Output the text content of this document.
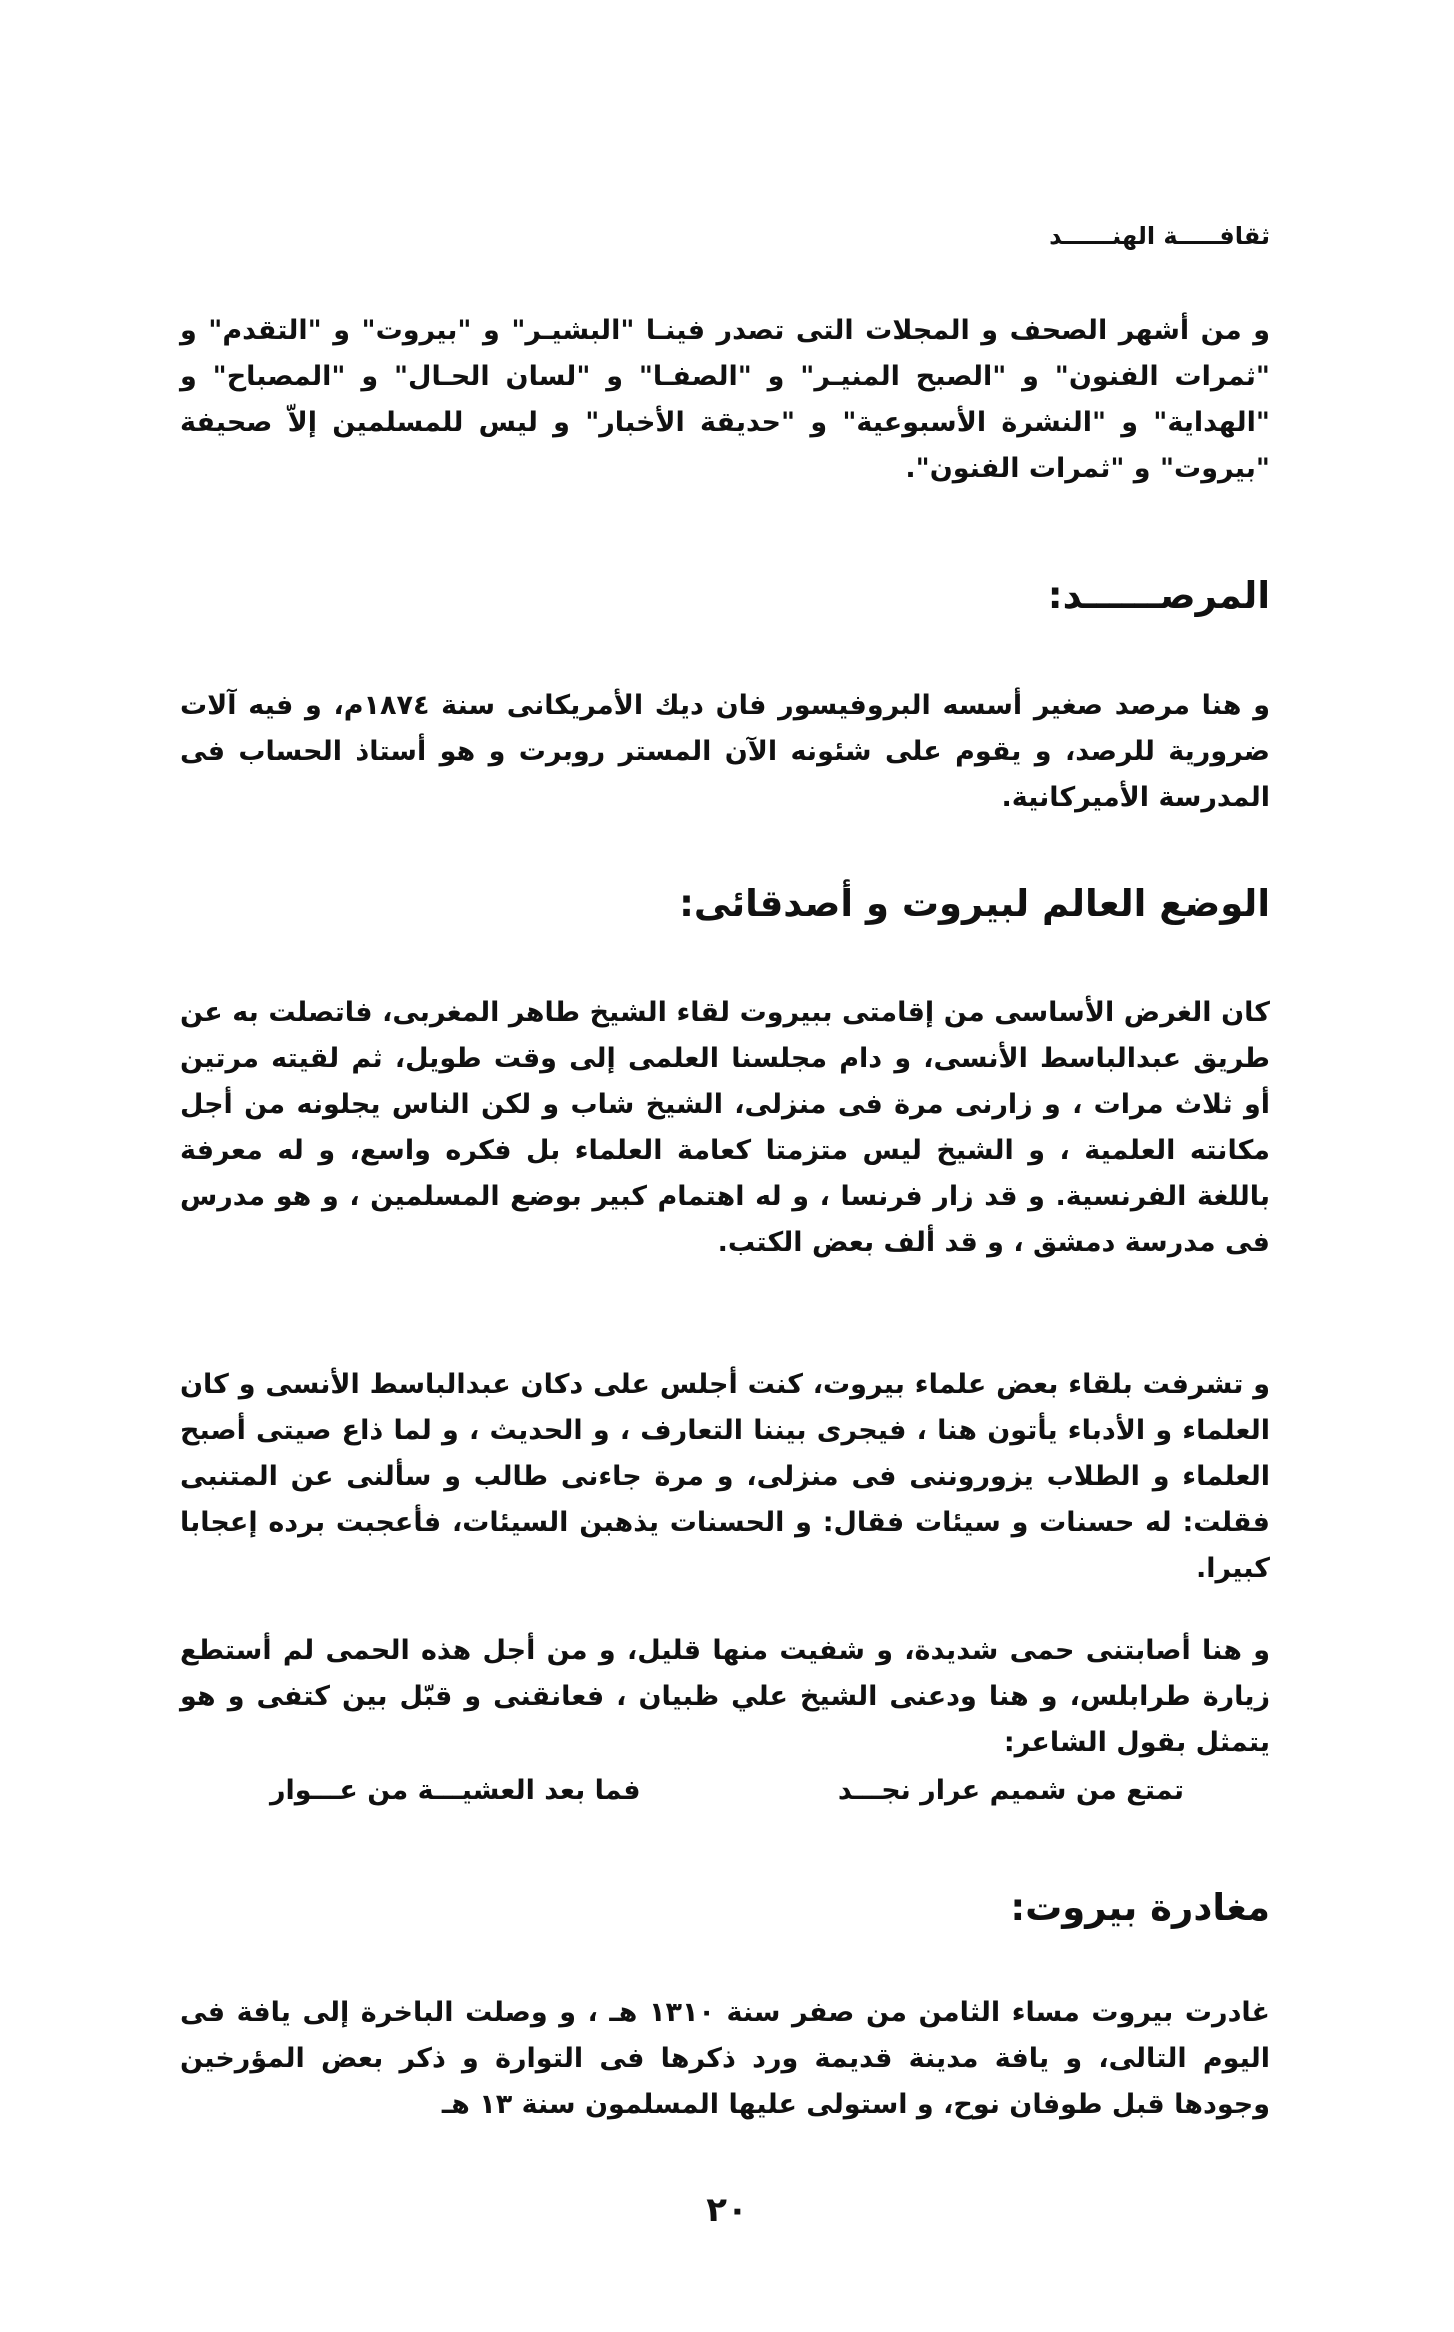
ثقافـــــة الهنــــــد

و من أشهر الصحف و المجلات التى تصدر فينـا "البشيـر" و "بيروت" و "التقدم" و "ثمرات الفنون" و "الصبح المنيـر" و "الصفـا" و "لسان الحـال" و "المصباح" و "الهداية" و "النشرة الأسبوعية" و "حديقة الأخبار" و ليس للمسلمين إلاّ صحيفة "بيروت" و "ثمرات الفنون".

المرصــــــد:

و هنا مرصد صغير أسسه البروفيسور فان ديك الأمريكانى سنة ١٨٧٤م، و فيه آلات ضرورية للرصد، و يقوم على شئونه الآن المستر روبرت و هو أستاذ الحساب فى المدرسة الأميركانية.

الوضع العالم لبيروت و أصدقائى:

كان الغرض الأساسى من إقامتى ببيروت لقاء الشيخ طاهر المغربى، فاتصلت به عن طريق عبدالباسط الأنسى، و دام مجلسنا العلمى إلى وقت طويل، ثم لقيته مرتين أو ثلاث مرات ، و زارنى مرة فى منزلى، الشيخ شاب و لكن الناس يجلونه من أجل مكانته العلمية ، و الشيخ ليس متزمتا كعامة العلماء بل فكره واسع، و له معرفة باللغة الفرنسية. و قد زار فرنسا ، و له اهتمام كبير بوضع المسلمين ، و هو مدرس فى مدرسة دمشق ، و قد ألف بعض الكتب.

و تشرفت بلقاء بعض علماء بيروت، كنت أجلس على دكان عبدالباسط الأنسى و كان العلماء و الأدباء يأتون هنا ، فيجرى بيننا التعارف ، و الحديث ، و لما ذاع صيتى أصبح العلماء و الطلاب يزوروننى فى منزلى، و مرة جاءنى طالب و سألنى عن المتنبى فقلت: له حسنات و سيئات فقال: و الحسنات يذهبن السيئات، فأعجبت برده إعجابا كبيرا.

و هنا أصابتنى حمى شديدة، و شفيت منها قليل، و من أجل هذه الحمى لم أستطع زيارة طرابلس، و هنا ودعنى الشيخ علي ظبيان ، فعانقنى و قبّل بين كتفى و هو يتمثل بقول الشاعر:

تمتع من شميم عرار نجـــد
فما بعد العشيـــة من عـــوار
مغادرة بيروت:

غادرت بيروت مساء الثامن من صفر سنة ١٣١٠ هـ ، و وصلت الباخرة إلى يافة فى اليوم التالى، و يافة مدينة قديمة ورد ذكرها فى التوارة و ذكر بعض المؤرخين وجودها قبل طوفان نوح، و استولى عليها المسلمون سنة ١٣ هـ

٢٠
